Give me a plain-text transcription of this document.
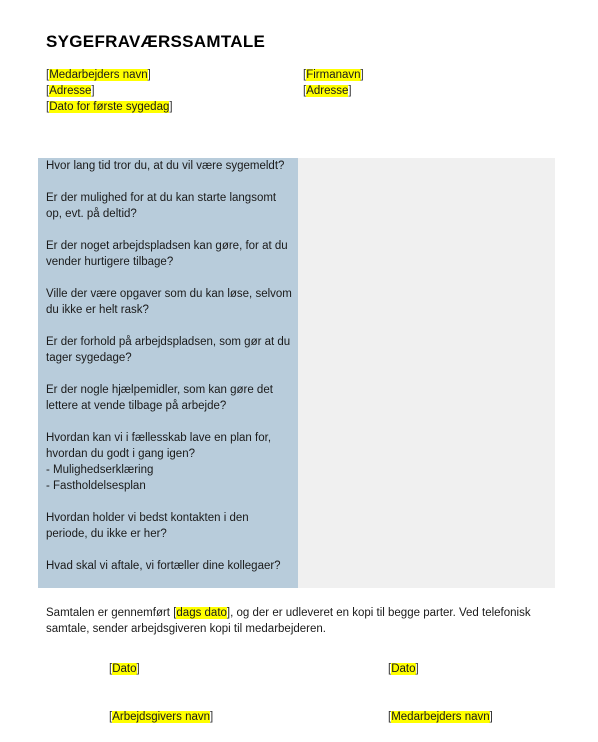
SYGEFRAVÆRSSAMTALE
[Medarbejders navn]
[Adresse]
[Dato for første sygedag]
[Firmanavn]
[Adresse]

Hvor lang tid tror du, at du vil være sygemeldt?

Er der mulighed for at du kan starte langsomt op, evt. på deltid?

Er der noget arbejdspladsen kan gøre, for at du vender hurtigere tilbage?

Ville der være opgaver som du kan løse, selvom du ikke er helt rask?

Er der forhold på arbejdspladsen, som gør at du tager sygedage?

Er der nogle hjælpemidler, som kan gøre det lettere at vende tilbage på arbejde?

Hvordan kan vi i fællesskab lave en plan for, hvordan du godt i gang igen?
- Mulighedserklæring
- Fastholdelsesplan

Hvordan holder vi bedst kontakten i den periode, du ikke er her?

Hvad skal vi aftale, vi fortæller dine kollegaer?

Samtalen er gennemført [dags dato], og der er udleveret en kopi til begge parter. Ved telefonisk samtale, sender arbejdsgiveren kopi til medarbejderen.
[Dato]	[Dato]
[Arbejdsgivers navn]	[Medarbejders navn]
